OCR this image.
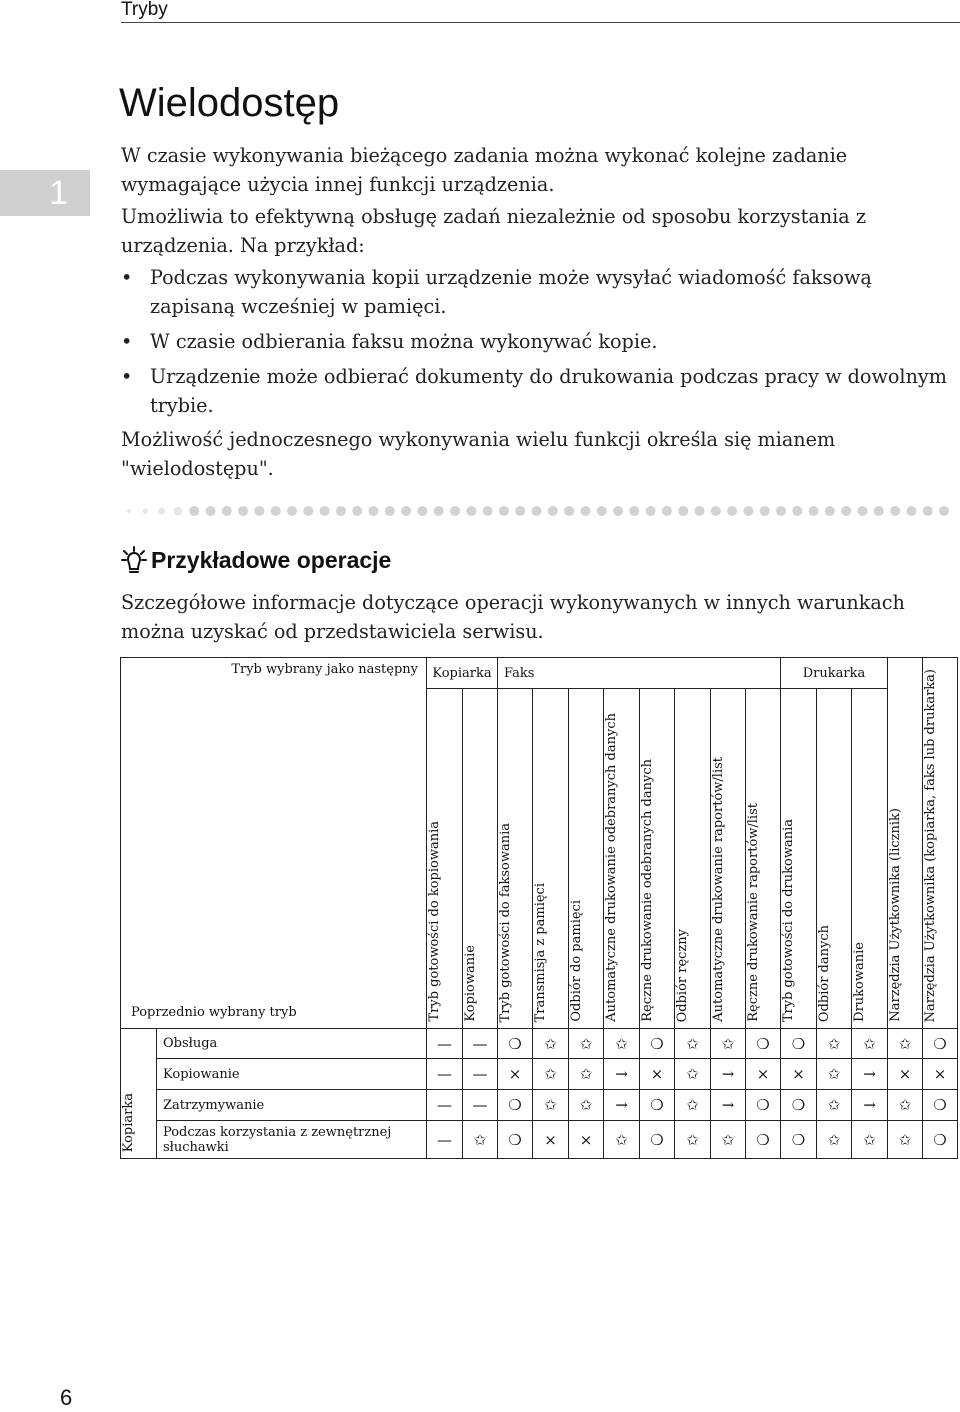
Tryby
1
Wielodostęp
W czasie wykonywania bieżącego zadania można wykonać kolejne zadanie wymagające użycia innej funkcji urządzenia.
Umożliwia to efektywną obsługę zadań niezależnie od sposobu korzystania z urządzenia. Na przykład:
• Podczas wykonywania kopii urządzenie może wysyłać wiadomość faksową zapisaną wcześniej w pamięci.
• W czasie odbierania faksu można wykonywać kopie.
• Urządzenie może odbierać dokumenty do drukowania podczas pracy w dowolnym trybie.
Możliwość jednoczesnego wykonywania wielu funkcji określa się mianem "wielodostępu".
Przykładowe operacje
Szczegółowe informacje dotyczące operacji wykonywanych w innych warunkach można uzyskać od przedstawiciela serwisu.
Tryb wybrany jako następny
Poprzednio wybrany tryb		Kopiarka		Faks								Drukarka			Narzędzia Użytkownika (licznik)	Narzędzia Użytkownika (kopiarka, faks lub drukarka)

		Tryb gotowości do kopiowania	Kopiowanie	Tryb gotowości do faksowania	Transmisja z pamięci	Odbiór do pamięci	Automatyczne drukowanie odebranych danych	Ręczne drukowanie odebranych danych	Odbiór ręczny	Automatyczne drukowanie raportów/list	Ręczne drukowanie raportów/list	Tryb gotowości do drukowania	Odbiór danych	Drukowanie		

Kopiarka	Obsługa	—	—	❍	✩	✩	✩	❍	✩	✩	❍	❍	✩	✩	✩	❍
	Kopiowanie	—	—	×	✩	✩	→	×	✩	→	×	×	✩	→	×	×
	Zatrzymywanie	—	—	❍	✩	✩	→	❍	✩	→	❍	❍	✩	→	✩	❍
	Podczas korzystania z zewnętrznej słuchawki	—	✩	❍	×	×	✩	❍	✩	✩	❍	❍	✩	✩	✩	❍
6
